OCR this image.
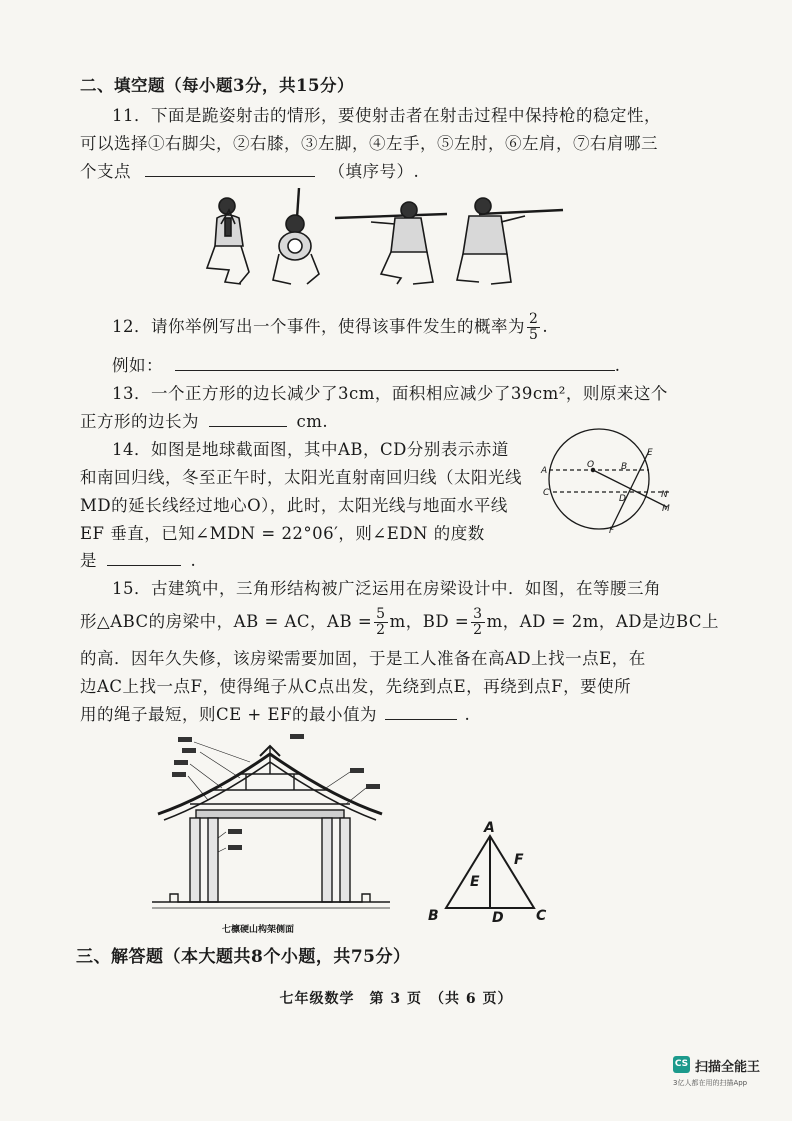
二、填空题（每小题3分，共15分）
11．下面是跪姿射击的情形，要使射击者在射击过程中保持枪的稳定性，
可以选择①右脚尖，②右膝，③左脚，④左手，⑤左肘，⑥左肩，⑦右肩哪三
个支点	（填序号）.
12．请你举例写出一个事件，使得该事件发生的概率为 $\frac{2}{5}$ .
例如：	.
13．一个正方形的边长减少了3cm，面积相应减少了39cm²，则原来这个
正方形的边长为	cm.
14．如图是地球截面图，其中AB，CD分别表示赤道
和南回归线，冬至正午时，太阳光直射南回归线（太阳光线
MD的延长线经过地心O），此时，太阳光线与地面水平线
EF 垂直，已知∠MDN = 22°06′，则∠EDN 的度数
是	.
A
C
O	B
D
E
F
N
M
15．古建筑中，三角形结构被广泛运用在房梁设计中．如图，在等腰三角
形△ABC的房梁中，AB = AC，AB = $\frac{5}{2}$ m，BD = $\frac{3}{2}$ m，AD = 2m，AD是边BC上
的高．因年久失修，该房梁需要加固，于是工人准备在高AD上找一点E，在
边AC上找一点F，使得绳子从C点出发，先绕到点E，再绕到点F，要使所
用的绳子最短，则CE + EF的最小值为	.
七檩硬山构架侧面
A
B	C
D
E
F
三、解答题（本大题共8个小题，共75分）
七年级数学　第 3 页　（共 6 页）
CS 扫描全能王
3亿人都在用的扫描App
